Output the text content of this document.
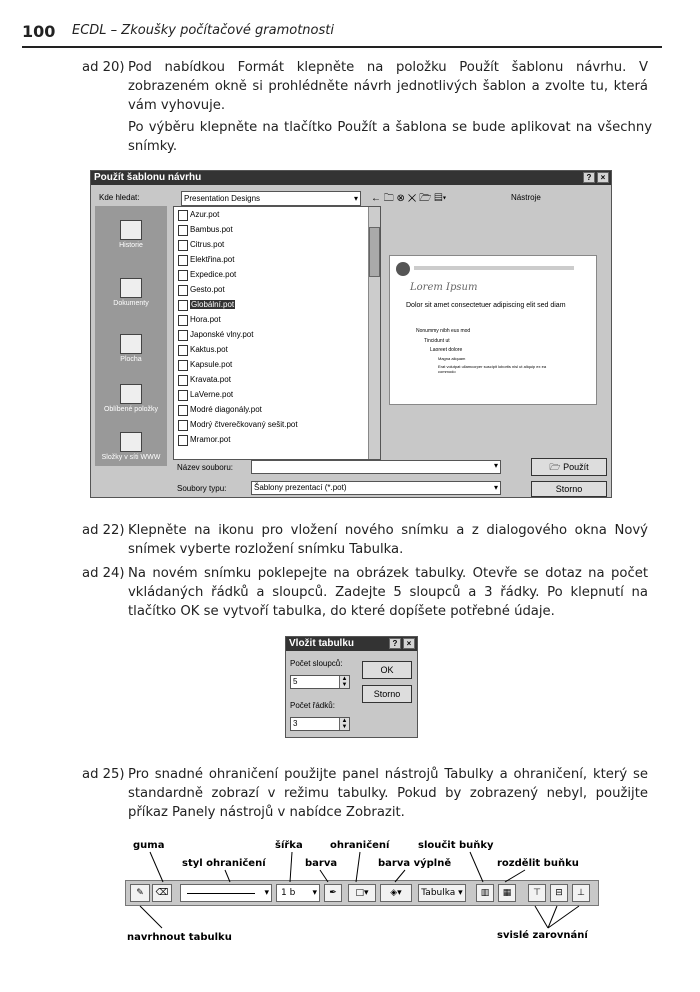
100 ECDL – Zkoušky počítačové gramotnosti
ad 20) Pod nabídkou Formát klepněte na položku Použít šablonu návrhu. V zobrazeném okně si prohlédněte návrh jednotlivých šablon a zvolte tu, která vám vyhovuje.
Po výběru klepněte na tlačítko Použít a šablona se bude aplikovat na všechny snímky.
Použít šablonu návrhu	?	×
Kde hledat:	Presentation Designs	▾ ← 🗀 ⊗ ✕ 🗁 ▤▾	Nástroje
Historie
Dokumenty
Plocha
Oblíbené položky
Složky v síti WWW
Azur.pot
Bambus.pot
Citrus.pot
Elektřina.pot
Expedice.pot
Gesto.pot
Globální.pot
Hora.pot
Japonské vlny.pot
Kaktus.pot
Kapsule.pot
Kravata.pot
LaVerne.pot
Modré diagonály.pot
Modrý čtverečkovaný sešit.pot
Mramor.pot
Lorem Ipsum
Dolor sit amet consectetuer adipiscing elit sed diam
Nonummy nibh eus mod
Tincidunt ut
Laoreet dolore
Magna aliquam
Erat volutpat ullamcorper suscipit lobortis nisl ut aliquip ex ea commodo
Název souboru:	▾
Soubory typu:	Šablony prezentací (*.pot)	▾
🗁 Použít
Storno
ad 22) Klepněte na ikonu pro vložení nového snímku a z dialogového okna Nový snímek vyberte rozložení snímku Tabulka.
ad 24) Na novém snímku poklepejte na obrázek tabulky. Otevře se dotaz na počet vkládaných řádků a sloupců. Zadejte 5 sloupců a 3 řádky. Po klepnutí na tlačítko OK se vytvoří tabulka, do které dopíšete potřebné údaje.
Vložit tabulku	?	×
Počet sloupců:
5	▲
▼
Počet řádků:
3	▲
▼
OK
Storno
ad 25) Pro snadné ohraničení použijte panel nástrojů Tabulky a ohraničení, který se standardně zobrazí v režimu tabulky. Pokud by zobrazený nebyl, použijte příkaz Panely nástrojů v nabídce Zobrazit.
guma
styl ohraničení
šířka
barva
ohraničení
barva výplně
sloučit buňky
rozdělit buňku
✎	⌫	▾	1 b ▾	✒	□▾	◈▾	Tabulka ▾	▥	▦	⊤	⊟	⊥
navrhnout tabulku	svislé zarovnání
